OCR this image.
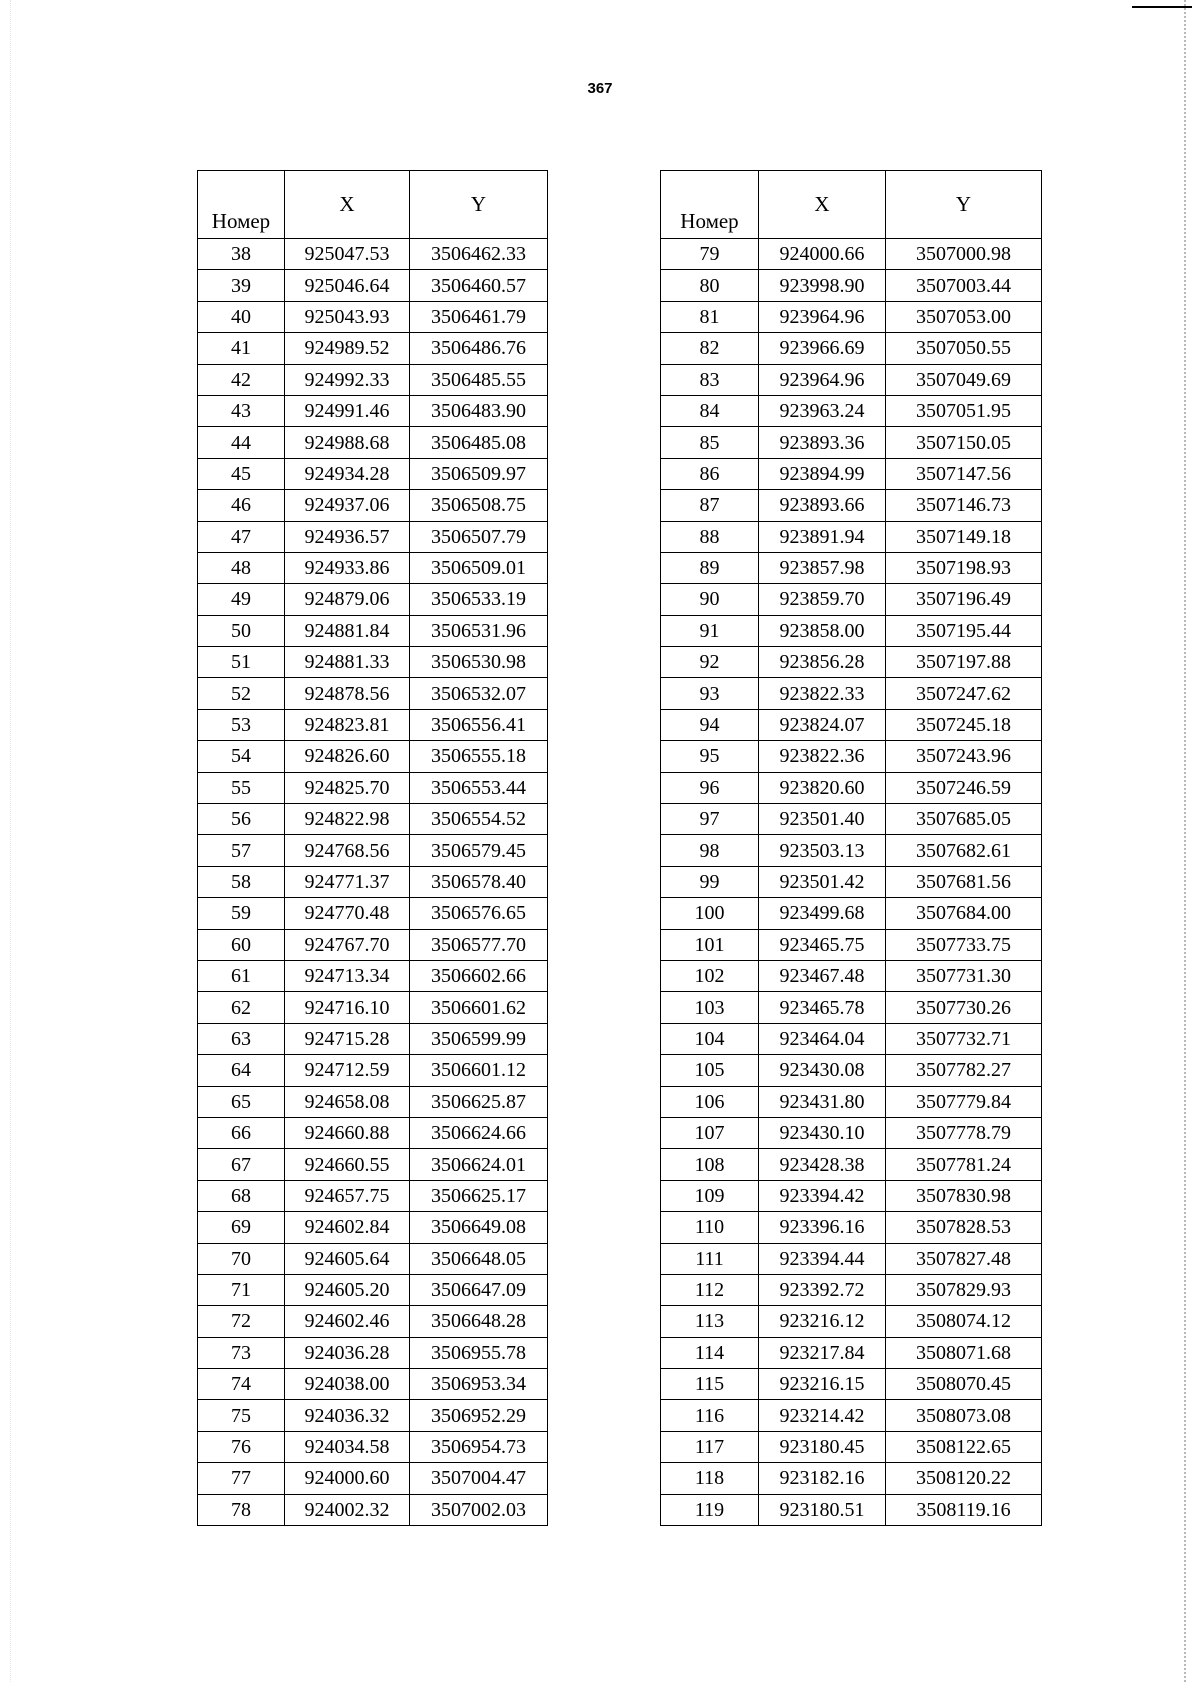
367
Номер	X	Y
38	925047.53	3506462.33
39	925046.64	3506460.57
40	925043.93	3506461.79
41	924989.52	3506486.76
42	924992.33	3506485.55
43	924991.46	3506483.90
44	924988.68	3506485.08
45	924934.28	3506509.97
46	924937.06	3506508.75
47	924936.57	3506507.79
48	924933.86	3506509.01
49	924879.06	3506533.19
50	924881.84	3506531.96
51	924881.33	3506530.98
52	924878.56	3506532.07
53	924823.81	3506556.41
54	924826.60	3506555.18
55	924825.70	3506553.44
56	924822.98	3506554.52
57	924768.56	3506579.45
58	924771.37	3506578.40
59	924770.48	3506576.65
60	924767.70	3506577.70
61	924713.34	3506602.66
62	924716.10	3506601.62
63	924715.28	3506599.99
64	924712.59	3506601.12
65	924658.08	3506625.87
66	924660.88	3506624.66
67	924660.55	3506624.01
68	924657.75	3506625.17
69	924602.84	3506649.08
70	924605.64	3506648.05
71	924605.20	3506647.09
72	924602.46	3506648.28
73	924036.28	3506955.78
74	924038.00	3506953.34
75	924036.32	3506952.29
76	924034.58	3506954.73
77	924000.60	3507004.47
78	924002.32	3507002.03
Номер	X	Y
79	924000.66	3507000.98
80	923998.90	3507003.44
81	923964.96	3507053.00
82	923966.69	3507050.55
83	923964.96	3507049.69
84	923963.24	3507051.95
85	923893.36	3507150.05
86	923894.99	3507147.56
87	923893.66	3507146.73
88	923891.94	3507149.18
89	923857.98	3507198.93
90	923859.70	3507196.49
91	923858.00	3507195.44
92	923856.28	3507197.88
93	923822.33	3507247.62
94	923824.07	3507245.18
95	923822.36	3507243.96
96	923820.60	3507246.59
97	923501.40	3507685.05
98	923503.13	3507682.61
99	923501.42	3507681.56
100	923499.68	3507684.00
101	923465.75	3507733.75
102	923467.48	3507731.30
103	923465.78	3507730.26
104	923464.04	3507732.71
105	923430.08	3507782.27
106	923431.80	3507779.84
107	923430.10	3507778.79
108	923428.38	3507781.24
109	923394.42	3507830.98
110	923396.16	3507828.53
111	923394.44	3507827.48
112	923392.72	3507829.93
113	923216.12	3508074.12
114	923217.84	3508071.68
115	923216.15	3508070.45
116	923214.42	3508073.08
117	923180.45	3508122.65
118	923182.16	3508120.22
119	923180.51	3508119.16
